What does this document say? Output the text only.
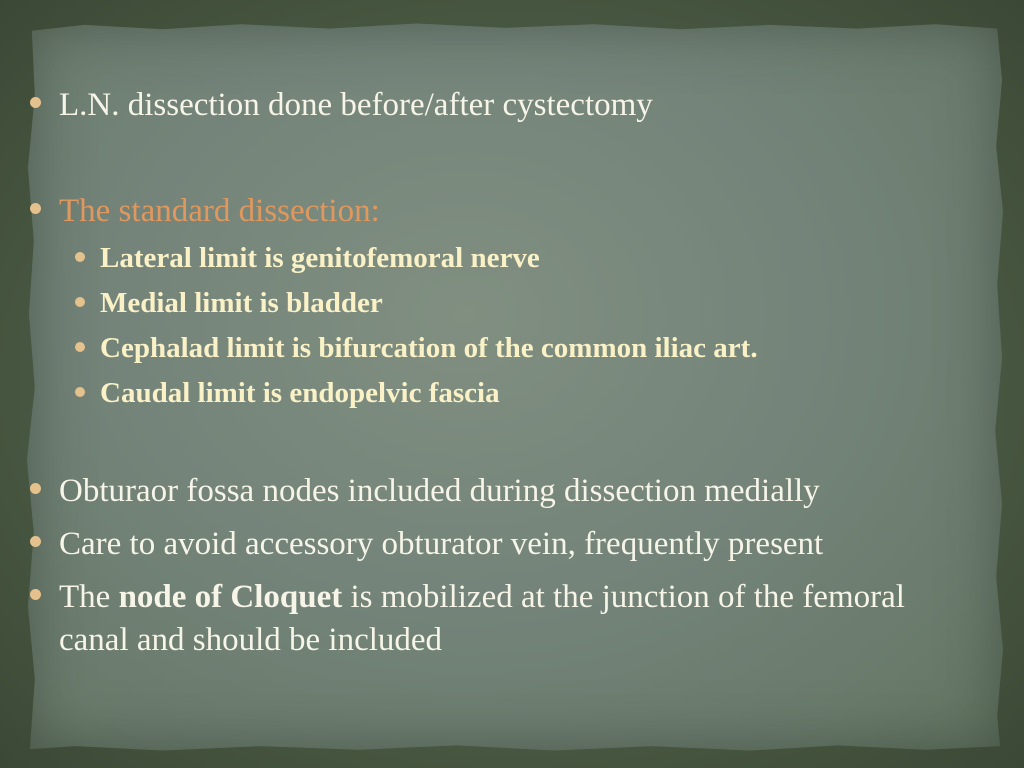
L.N. dissection done before/after cystectomy
The standard dissection:
Lateral limit is genitofemoral nerve
Medial limit is bladder
Cephalad limit is bifurcation of the common iliac art.
Caudal limit is endopelvic fascia
Obturaor fossa nodes included during dissection medially
Care to avoid accessory obturator vein, frequently present
The node of Cloquet is mobilized at the junction of the femoral canal and should be included
